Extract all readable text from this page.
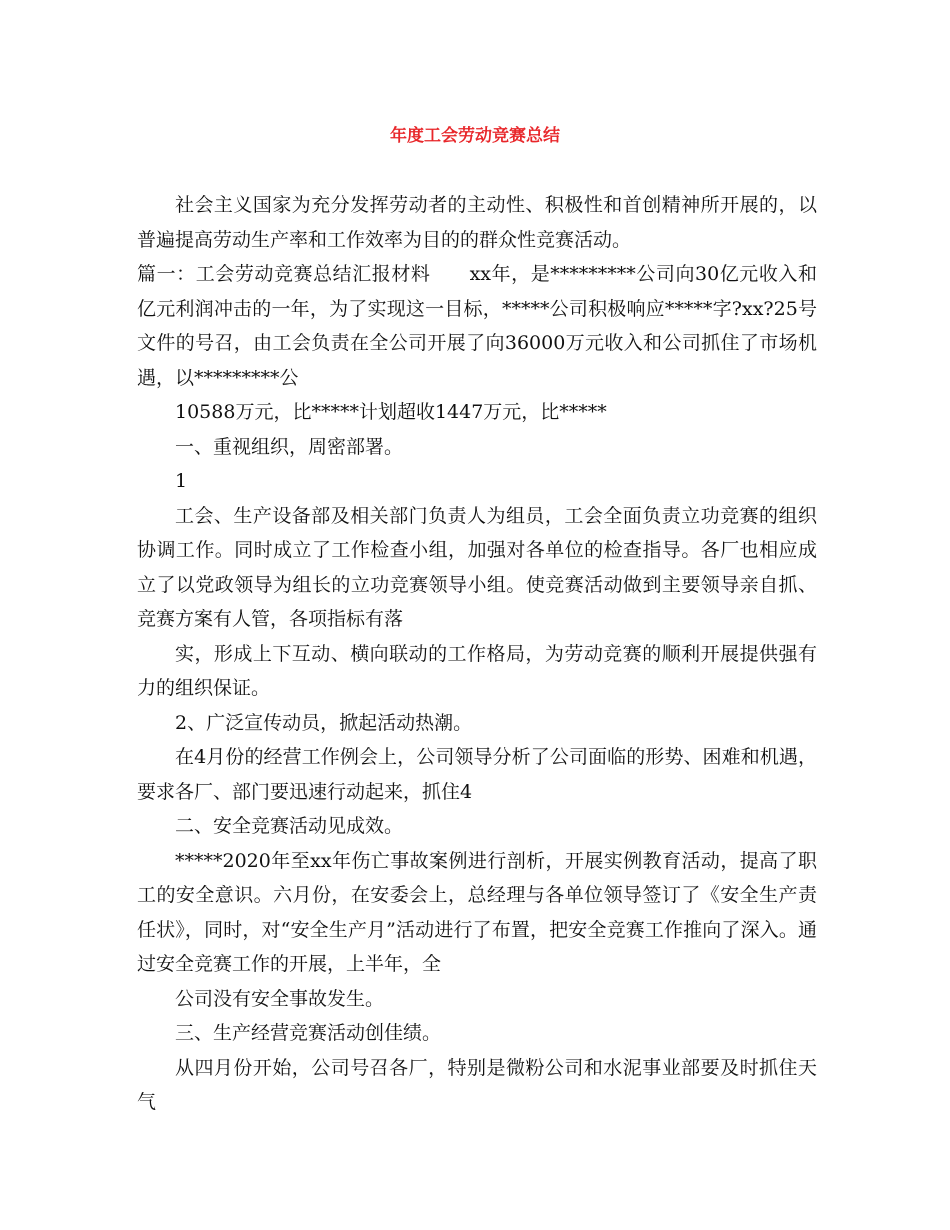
年度工会劳动竞赛总结

社会主义国家为充分发挥劳动者的主动性、积极性和首创精神所开展的，以普遍提高劳动生产率和工作效率为目的的群众性竞赛活动。

篇一：工会劳动竞赛总结汇报材料　　xx年，是*********公司向30亿元收入和亿元利润冲击的一年，为了实现这一目标，*****公司积极响应*****字?xx?25号文件的号召，由工会负责在全公司开展了向36000万元收入和公司抓住了市场机遇，以*********公

10588万元，比*****计划超收1447万元，比*****

一、重视组织，周密部署。

1

工会、生产设备部及相关部门负责人为组员，工会全面负责立功竞赛的组织协调工作。同时成立了工作检查小组，加强对各单位的检查指导。各厂也相应成立了以党政领导为组长的立功竞赛领导小组。使竞赛活动做到主要领导亲自抓、竞赛方案有人管，各项指标有落

实，形成上下互动、横向联动的工作格局，为劳动竞赛的顺利开展提供强有力的组织保证。

2、广泛宣传动员，掀起活动热潮。

在4月份的经营工作例会上，公司领导分析了公司面临的形势、困难和机遇，要求各厂、部门要迅速行动起来，抓住4

二、安全竞赛活动见成效。

*****2020年至xx年伤亡事故案例进行剖析，开展实例教育活动，提高了职工的安全意识。六月份，在安委会上，总经理与各单位领导签订了《安全生产责任状》，同时，对“安全生产月”活动进行了布置，把安全竞赛工作推向了深入。通过安全竞赛工作的开展，上半年，全

公司没有安全事故发生。

三、生产经营竞赛活动创佳绩。

从四月份开始，公司号召各厂，特别是微粉公司和水泥事业部要及时抓住天气
